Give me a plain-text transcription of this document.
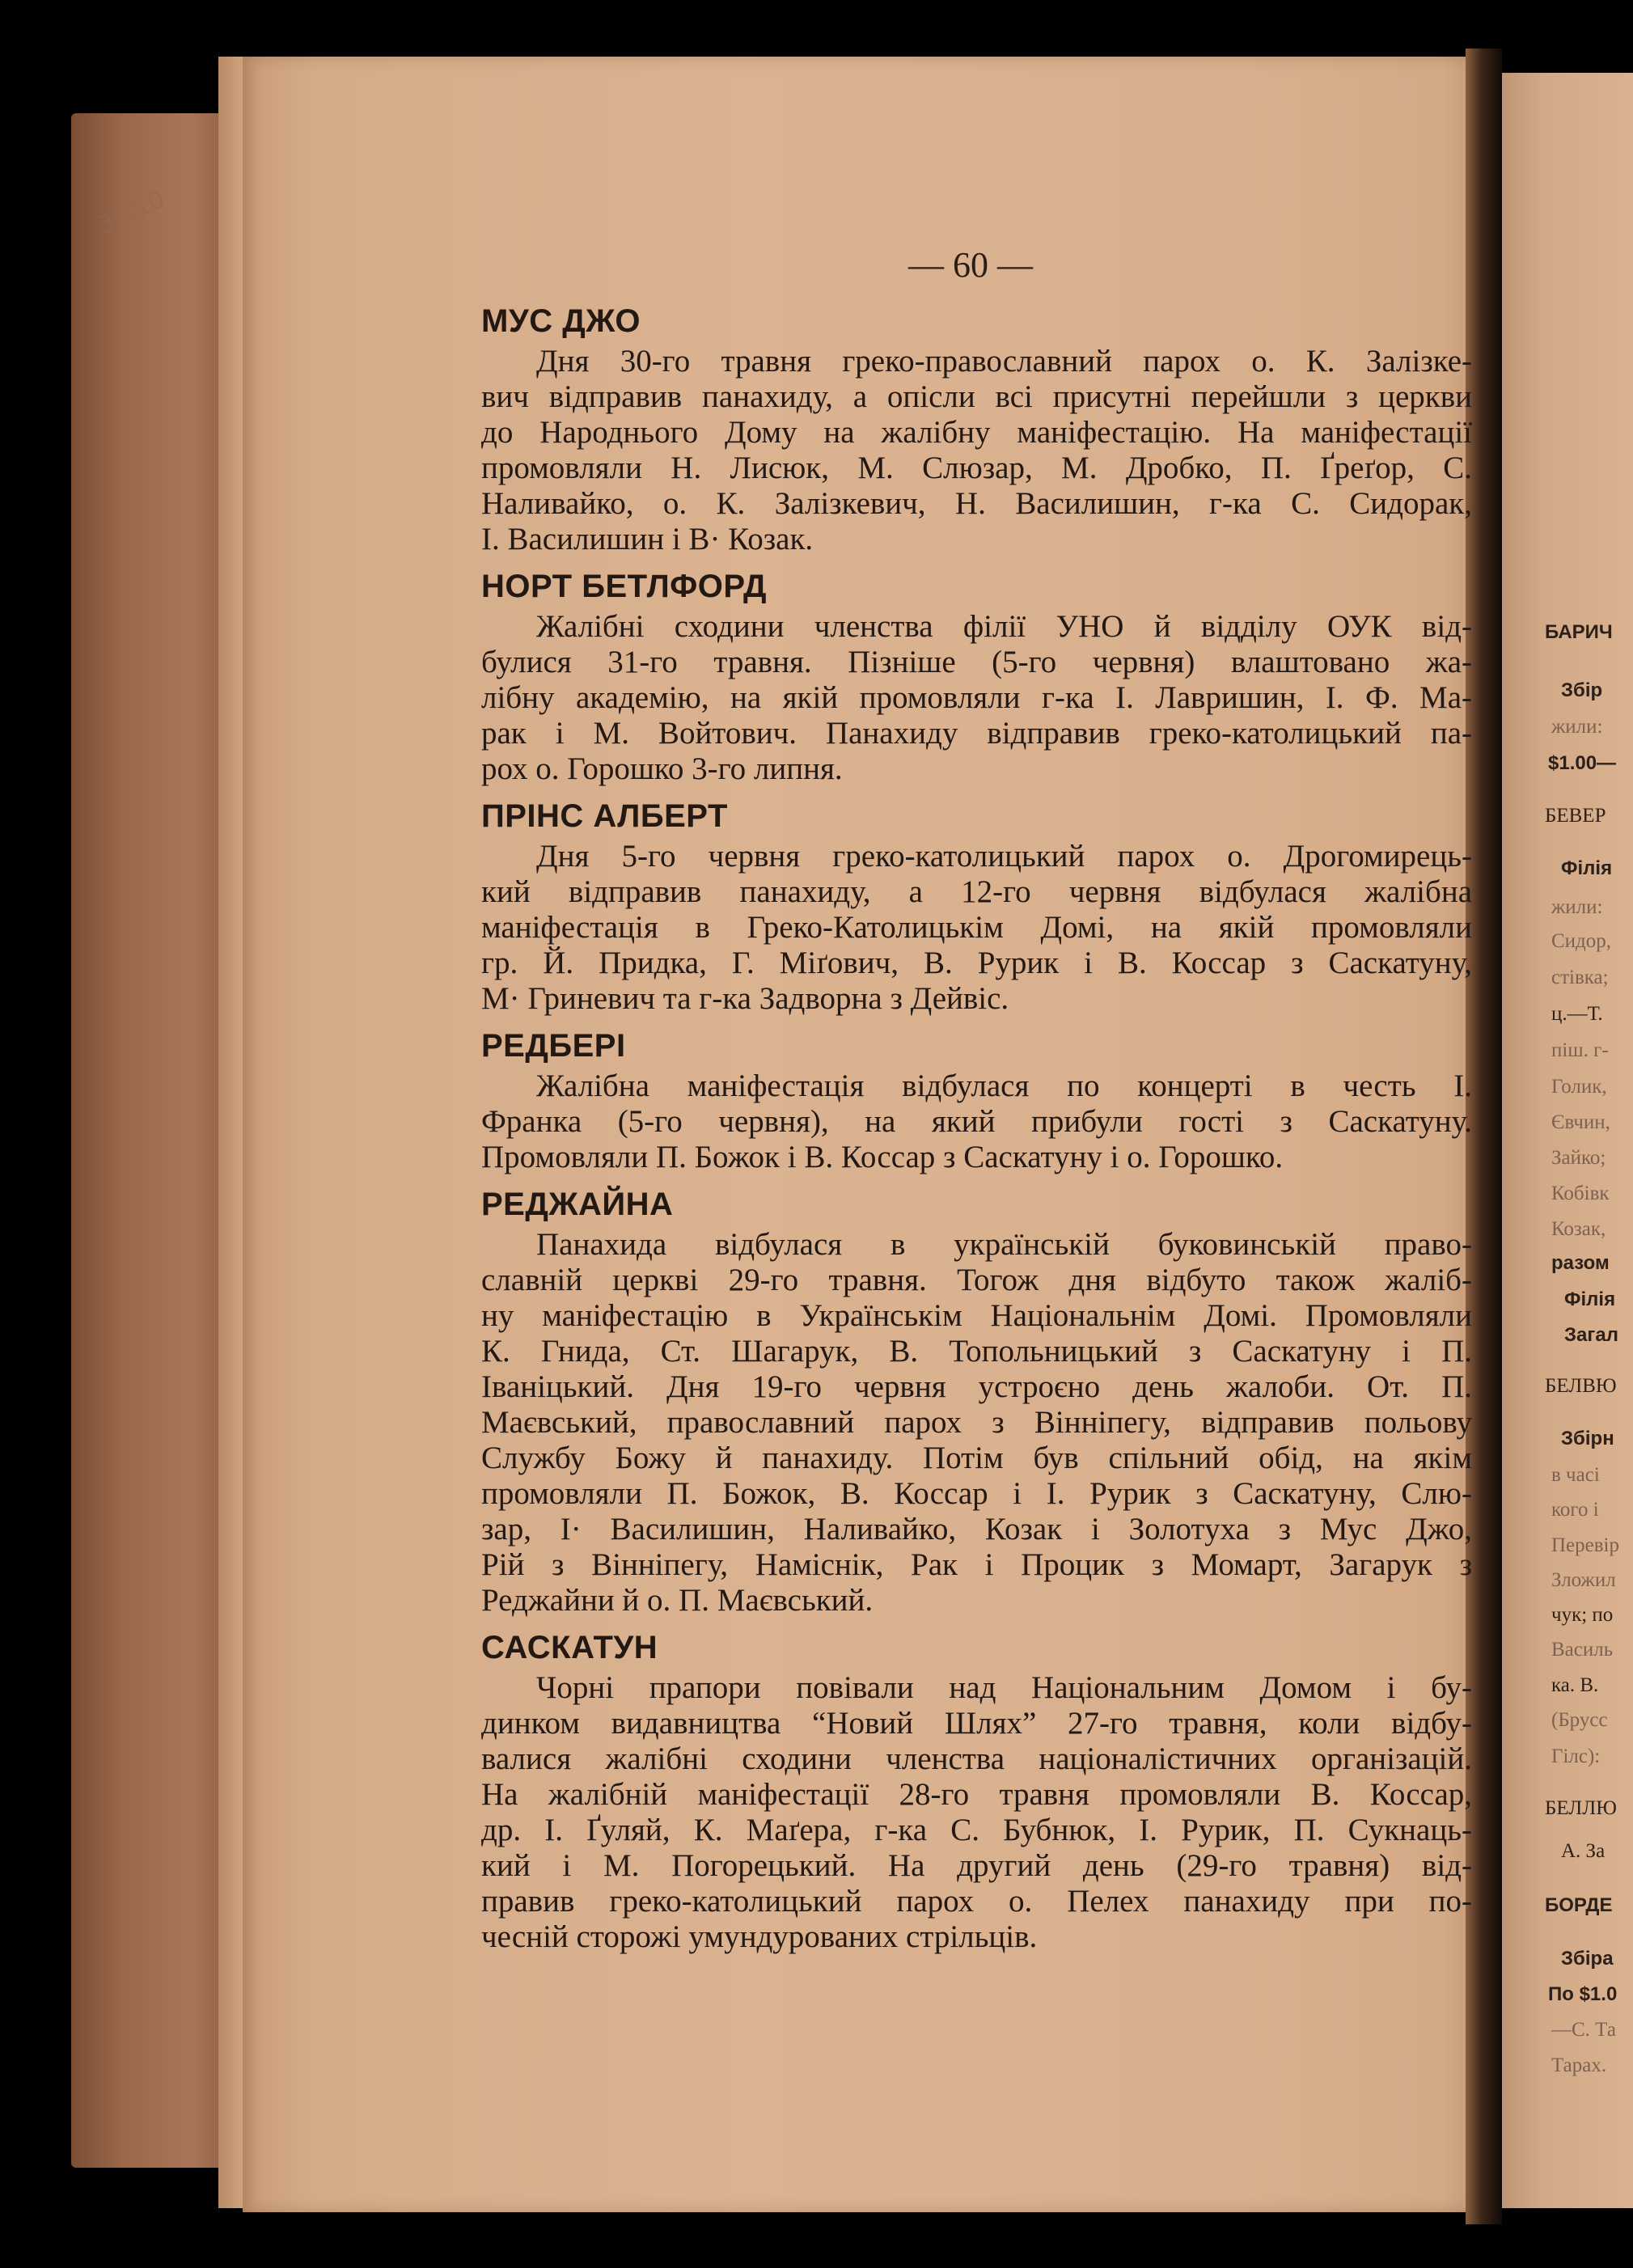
31.10
— 60 —
МУС ДЖО
Дня 30-го травня греко-православний парох о. К. Залізке-
вич відправив панахиду, а опісли всі присутні перейшли з церкви
до Народнього Дому на жалібну маніфестацію. На маніфестації
промовляли Н. Лисюк, М. Слюзар, М. Дробко, П. Ґреґор, С.
Наливайко, о. К. Залізкевич, Н. Василишин, г-ка С. Сидорак,
І. Василишин і В· Козак.
НОРТ БЕТЛФОРД
Жалібні сходини членства філії УНО й відділу ОУК від-
булися 31-го травня. Пізніше (5-го червня) влаштовано жа-
лібну академію, на якій промовляли г-ка І. Лавришин, І. Ф. Ма-
рак і М. Войтович. Панахиду відправив греко-католицький па-
рох о. Горошко 3-го липня.
ПРІНС АЛБЕРТ
Дня 5-го червня греко-католицький парох о. Дрогомирець-
кий відправив панахиду, а 12-го червня відбулася жалібна
маніфестація в Греко-Католицькім Домі, на якій промовляли
гр. Й. Придка, Г. Міґович, В. Рурик і В. Коссар з Саскатуну,
М· Гриневич та г-ка Задворна з Дейвіс.
РЕДБЕРІ
Жалібна маніфестація відбулася по концерті в честь І.
Франка (5-го червня), на який прибули гості з Саскатуну.
Промовляли П. Божок і В. Коссар з Саскатуну і о. Горошко.
РЕДЖАЙНА
Панахида відбулася в українській буковинській право-
славній церкві 29-го травня. Тогож дня відбуто також жаліб-
ну маніфестацію в Українськім Національнім Домі. Промовляли
К. Гнида, Ст. Шагарук, В. Топольницький з Саскатуну і П.
Іваніцький. Дня 19-го червня устроєно день жалоби. От. П.
Маєвський, православний парох з Вінніпегу, відправив польову
Службу Божу й панахиду. Потім був спільний обід, на якім
промовляли П. Божок, В. Коссар і І. Рурик з Саскатуну, Слю-
зар, І· Василишин, Наливайко, Козак і Золотуха з Мус Джо,
Рій з Вінніпегу, Наміснік, Рак і Процик з Момарт, Загарук з
Реджайни й о. П. Маєвський.
САСКАТУН
Чорні прапори повівали над Національним Домом і бу-
динком видавництва “Новий Шлях” 27-го травня, коли відбу-
валися жалібні сходини членства націоналістичних організацій.
На жалібній маніфестації 28-го травня промовляли В. Коссар,
др. І. Ґуляй, К. Маґера, г-ка С. Бубнюк, І. Рурик, П. Сукнаць-
кий і М. Погорецький. На другий день (29-го травня) від-
правив греко-католицький парох о. Пелех панахиду при по-
чесній сторожі умундурованих стрільців.
БАРИЧ
Збір
жили:
$1.00—
БЕВЕР
Філія
жили:
Сидор,
стівка;
ц.—Т.
піш. г-
Голик,
Євчин,
Зайко;
Кобівк
Козак,
разом
Філія
Загал
БЕЛВЮ
Збірн
в часі
кого і
Перевір
Зложил
чук; по
Василь
ка. В.
(Брусс
Гілс):
БЕЛЛЮ
А. За
БОРДЕ
Збіра
По $1.0
—С. Та
Тарах.
